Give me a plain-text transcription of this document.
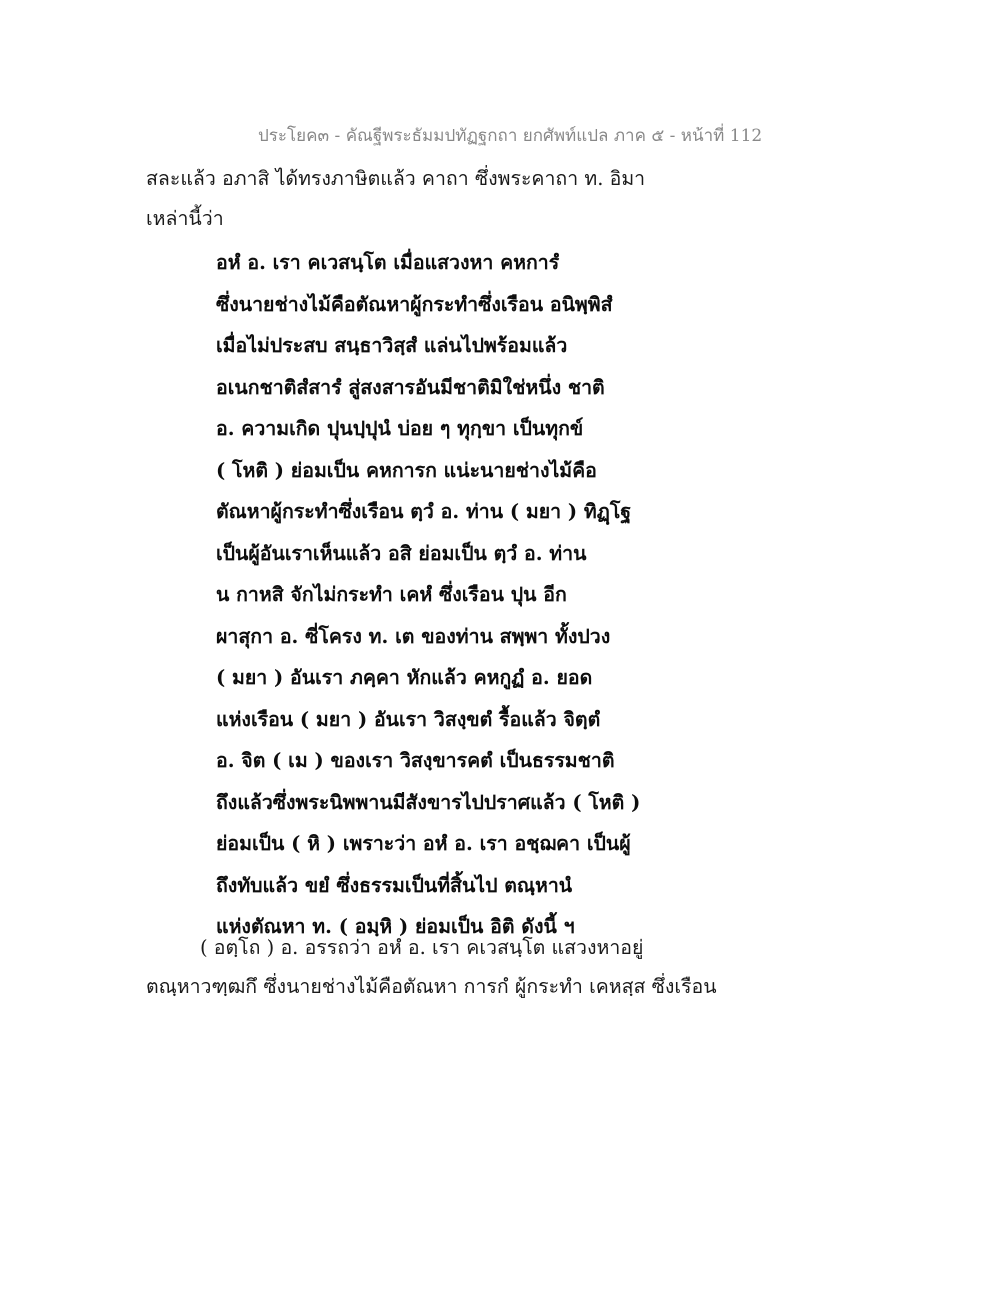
ประโยค๓ - คัณฐีพระธัมมปทัฏฐกถา ยกศัพท์แปล ภาค ๕ - หน้าที่ 112
สละแล้ว อภาสิ ได้ทรงภาษิตแล้ว คาถา ซึ่งพระคาถา ท. อิมา
เหล่านี้ว่า
อหํ อ. เรา คเวสนฺโต เมื่อแสวงหา คหการํ
ซึ่งนายช่างไม้คือตัณหาผู้กระทำซึ่งเรือน อนิพฺพิสํ
เมื่อไม่ประสบ สนฺธาวิสฺสํ แล่นไปพร้อมแล้ว
อเนกชาติสํสารํ สู่สงสารอันมีชาติมิใช่หนึ่ง ชาติ
อ. ความเกิด ปุนปฺปุนํ บ่อย ๆ ทุกฺขา เป็นทุกข์
( โหติ ) ย่อมเป็น คหการก แน่ะนายช่างไม้คือ
ตัณหาผู้กระทำซึ่งเรือน ตฺวํ อ. ท่าน ( มยา ) ทิฏฺโฐ
เป็นผู้อันเราเห็นแล้ว อสิ ย่อมเป็น ตฺวํ อ. ท่าน
น กาหสิ จักไม่กระทำ เคหํ ซึ่งเรือน ปุน อีก
ผาสุกา อ. ซี่โครง ท. เต ของท่าน สพฺพา ทั้งปวง
( มยา ) อันเรา ภคฺคา หักแล้ว คหกูฏํ อ. ยอด
แห่งเรือน ( มยา ) อันเรา วิสงฺขตํ รื้อแล้ว จิตฺตํ
อ. จิต ( เม ) ของเรา วิสงฺขารคตํ เป็นธรรมชาติ
ถึงแล้วซึ่งพระนิพพานมีสังขารไปปราศแล้ว ( โหติ )
ย่อมเป็น ( หิ ) เพราะว่า อหํ อ. เรา อชฺฌคา เป็นผู้
ถึงทับแล้ว ขยํ ซึ่งธรรมเป็นที่สิ้นไป ตณฺหานํ
แห่งตัณหา ท. ( อมฺหิ ) ย่อมเป็น อิติ ดังนี้ ฯ
( อตฺโถ ) อ. อรรถว่า อหํ อ. เรา คเวสนฺโต แสวงหาอยู่
ตณฺหาวฑฺฒกึ ซึ่งนายช่างไม้คือตัณหา การกํ ผู้กระทำ เคหสฺส ซึ่งเรือน
